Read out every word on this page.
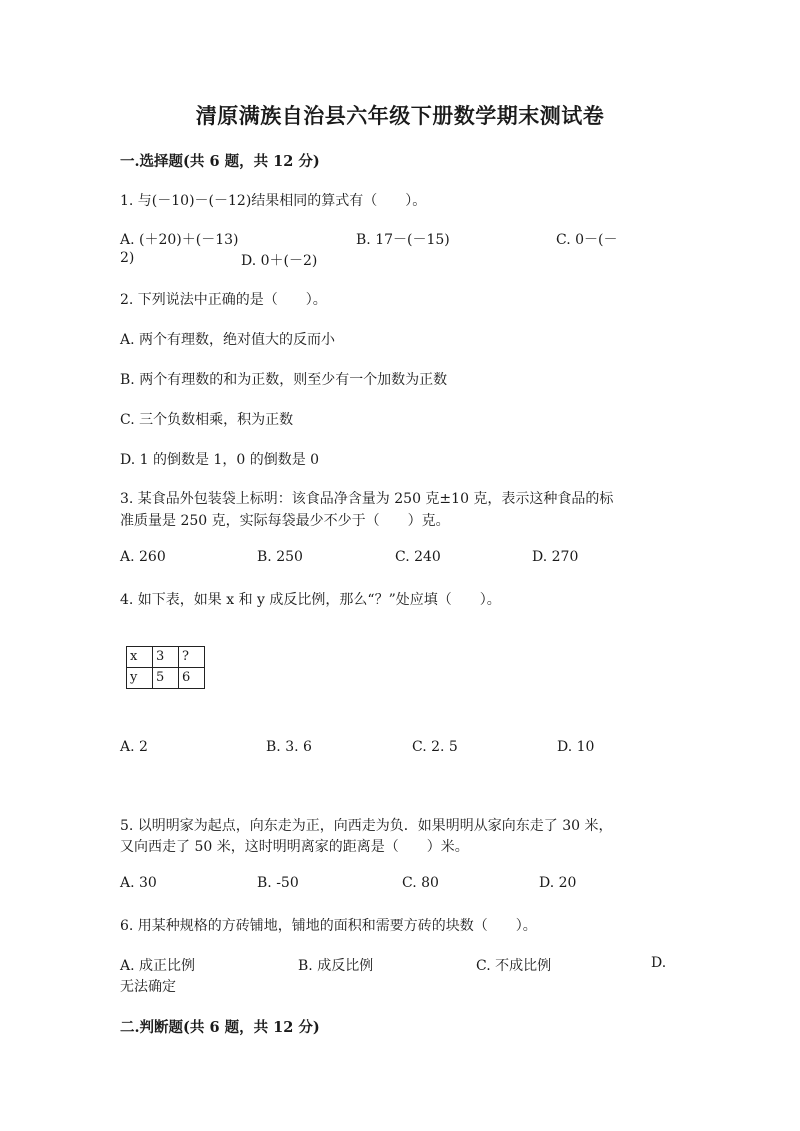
清原满族自治县六年级下册数学期末测试卷
一.选择题(共 6 题，共 12 分)
1. 与(－10)－(－12)结果相同的算式有（　　）。
A. (＋20)＋(－13)	B. 17－(－15)	C. 0－(－
2)	D. 0＋(－2)
2. 下列说法中正确的是（　　）。
A. 两个有理数，绝对值大的反而小
B. 两个有理数的和为正数，则至少有一个加数为正数
C. 三个负数相乘，积为正数
D. 1 的倒数是 1，0 的倒数是 0
3. 某食品外包装袋上标明：该食品净含量为 250 克±10 克，表示这种食品的标
准质量是 250 克，实际每袋最少不少于（　　）克。
A. 260	B. 250	C. 240	D. 270
4. 如下表，如果 x 和 y 成反比例，那么“？”处应填（　　）。
x	3	?
y	5	6
A. 2	B. 3. 6	C. 2. 5	D. 10
5. 以明明家为起点，向东走为正，向西走为负．如果明明从家向东走了 30 米，
又向西走了 50 米，这时明明离家的距离是（　　）米。
A. 30	B. -50	C. 80	D. 20
6. 用某种规格的方砖铺地，铺地的面积和需要方砖的块数（　　）。
A. 成正比例	B. 成反比例	C. 不成比例	D.
无法确定
二.判断题(共 6 题，共 12 分)
